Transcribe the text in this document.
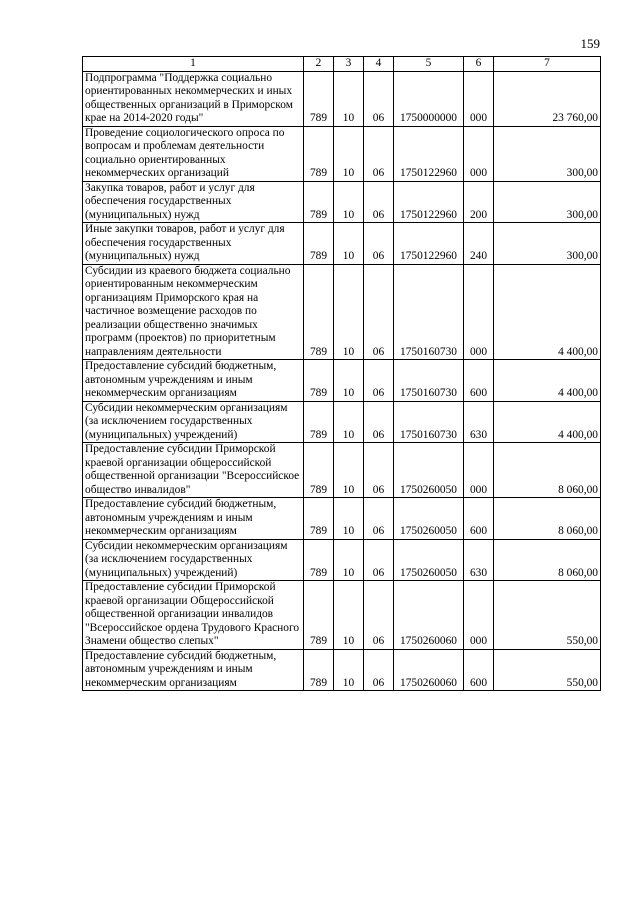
159
1	2	3	4	5	6	7
Подпрограмма "Поддержка социально ориентированных некоммерческих и иных общественных организаций в Приморском крае на 2014-2020 годы"	789	10	06	1750000000	000	23 760,00
Проведение социологического опроса по вопросам и проблемам деятельности социально ориентированных некоммерческих организаций	789	10	06	1750122960	000	300,00
Закупка товаров, работ и услуг для обеспечения государственных (муниципальных) нужд	789	10	06	1750122960	200	300,00
Иные закупки товаров, работ и услуг для обеспечения государственных (муниципальных) нужд	789	10	06	1750122960	240	300,00
Субсидии из краевого бюджета социально ориентированным некоммерческим организациям Приморского края на частичное возмещение расходов по реализации общественно значимых программ (проектов) по приоритетным направлениям деятельности	789	10	06	1750160730	000	4 400,00
Предоставление субсидий бюджетным, автономным учреждениям и иным некоммерческим организациям	789	10	06	1750160730	600	4 400,00
Субсидии некоммерческим организациям (за исключением государственных (муниципальных) учреждений)	789	10	06	1750160730	630	4 400,00
Предоставление субсидии Приморской краевой организации общероссийской общественной организации "Всероссийское общество инвалидов"	789	10	06	1750260050	000	8 060,00
Предоставление субсидий бюджетным, автономным учреждениям и иным некоммерческим организациям	789	10	06	1750260050	600	8 060,00
Субсидии некоммерческим организациям (за исключением государственных (муниципальных) учреждений)	789	10	06	1750260050	630	8 060,00
Предоставление субсидии Приморской краевой организации Общероссийской общественной организации инвалидов "Всероссийское ордена Трудового Красного Знамени общество слепых"	789	10	06	1750260060	000	550,00
Предоставление субсидий бюджетным, автономным учреждениям и иным некоммерческим организациям	789	10	06	1750260060	600	550,00
